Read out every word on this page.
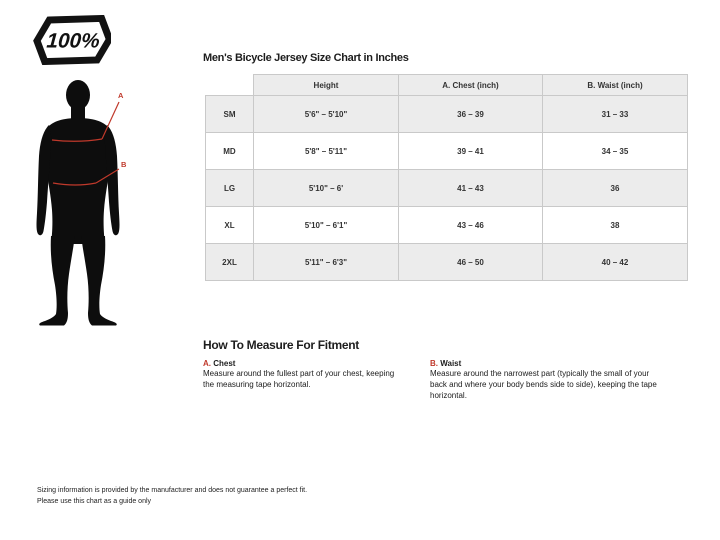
100%
A
B
Men's Bicycle Jersey Size Chart in Inches
	Height	A. Chest (inch)	B. Waist (inch)
SM	5'6" – 5'10"	36 – 39	31 – 33
MD	5'8" – 5'11"	39 – 41	34 – 35
LG	5'10" – 6'	41 – 43	36
XL	5'10" – 6'1"	43 – 46	38
2XL	5'11" – 6'3"	46 – 50	40 – 42
How To Measure For Fitment
A. Chest
Measure around the fullest part of your chest, keeping the measuring tape horizontal.
B. Waist
Measure around the narrowest part (typically the small of your back and where your body bends side to side), keeping the tape horizontal.
Sizing information is provided by the manufacturer and does not guarantee a perfect fit.
Please use this chart as a guide only
